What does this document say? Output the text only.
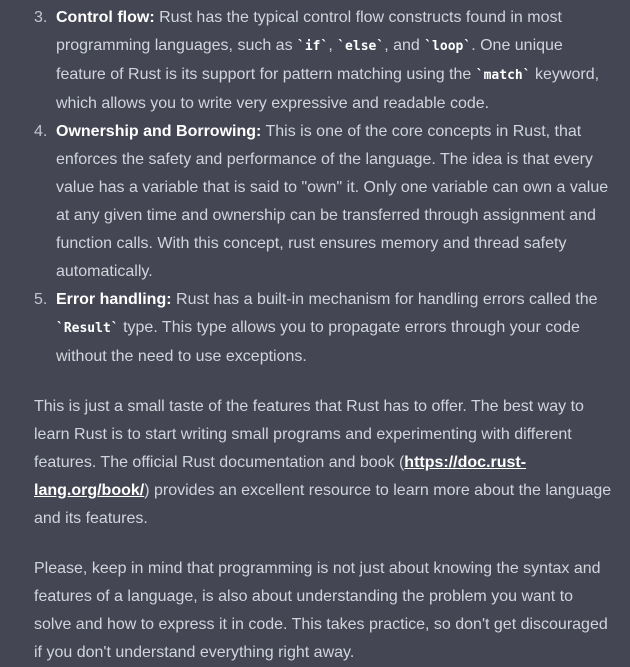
3. Control flow: Rust has the typical control flow constructs found in most programming languages, such as `if`, `else`, and `loop`. One unique feature of Rust is its support for pattern matching using the `match` keyword, which allows you to write very expressive and readable code.
4. Ownership and Borrowing: This is one of the core concepts in Rust, that enforces the safety and performance of the language. The idea is that every value has a variable that is said to "own" it. Only one variable can own a value at any given time and ownership can be transferred through assignment and function calls. With this concept, rust ensures memory and thread safety automatically.
5. Error handling: Rust has a built-in mechanism for handling errors called the `Result` type. This type allows you to propagate errors through your code without the need to use exceptions.

This is just a small taste of the features that Rust has to offer. The best way to learn Rust is to start writing small programs and experimenting with different features. The official Rust documentation and book (https://doc.rust-lang.org/book/) provides an excellent resource to learn more about the language and its features.

Please, keep in mind that programming is not just about knowing the syntax and features of a language, is also about understanding the problem you want to solve and how to express it in code. This takes practice, so don't get discouraged if you don't understand everything right away.
